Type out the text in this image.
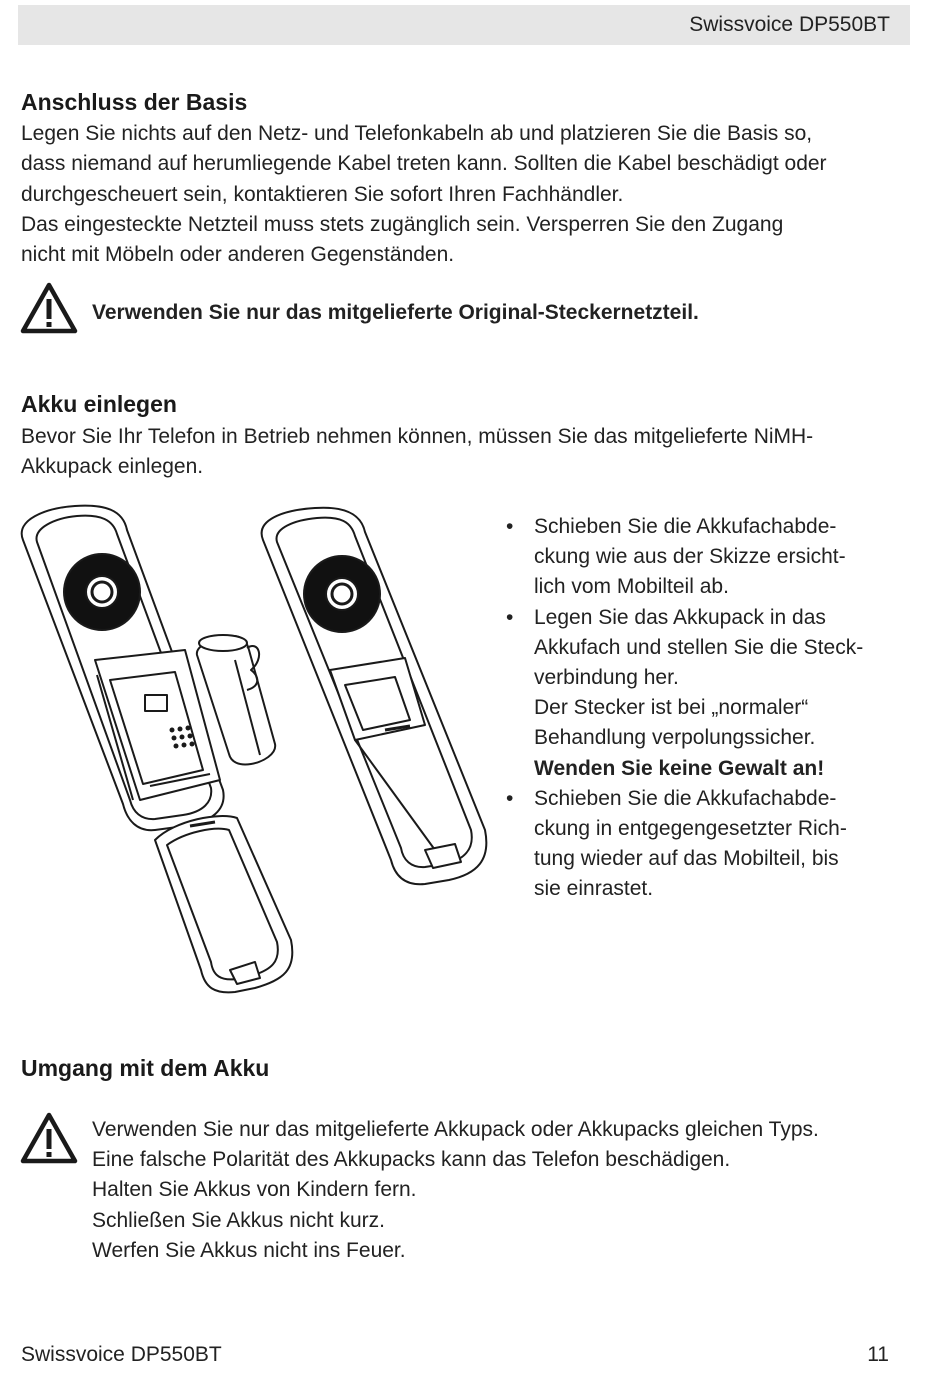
Swissvoice DP550BT
Anschluss der Basis
Legen Sie nichts auf den Netz- und Telefonkabeln ab und platzieren Sie die Basis so,
dass niemand auf herumliegende Kabel treten kann. Sollten die Kabel beschädigt oder
durchgescheuert sein, kontaktieren Sie sofort Ihren Fachhändler.
Das eingesteckte Netzteil muss stets zugänglich sein. Versperren Sie den Zugang
nicht mit Möbeln oder anderen Gegenständen.
Verwenden Sie nur das mitgelieferte Original-Steckernetzteil.
Akku einlegen
Bevor Sie Ihr Telefon in Betrieb nehmen können, müssen Sie das mitgelieferte NiMH-
Akkupack einlegen.
• Schieben Sie die Akkufachabde-
ckung wie aus der Skizze ersicht-
lich vom Mobilteil ab.
• Legen Sie das Akkupack in das
Akkufach und stellen Sie die Steck-
verbindung her.
Der Stecker ist bei „normaler“
Behandlung verpolungssicher.
Wenden Sie keine Gewalt an!
• Schieben Sie die Akkufachabde-
ckung in entgegengesetzter Rich-
tung wieder auf das Mobilteil, bis
sie einrastet.
Umgang mit dem Akku
Verwenden Sie nur das mitgelieferte Akkupack oder Akkupacks gleichen Typs.
Eine falsche Polarität des Akkupacks kann das Telefon beschädigen.
Halten Sie Akkus von Kindern fern.
Schließen Sie Akkus nicht kurz.
Werfen Sie Akkus nicht ins Feuer.
Swissvoice DP550BT	11
